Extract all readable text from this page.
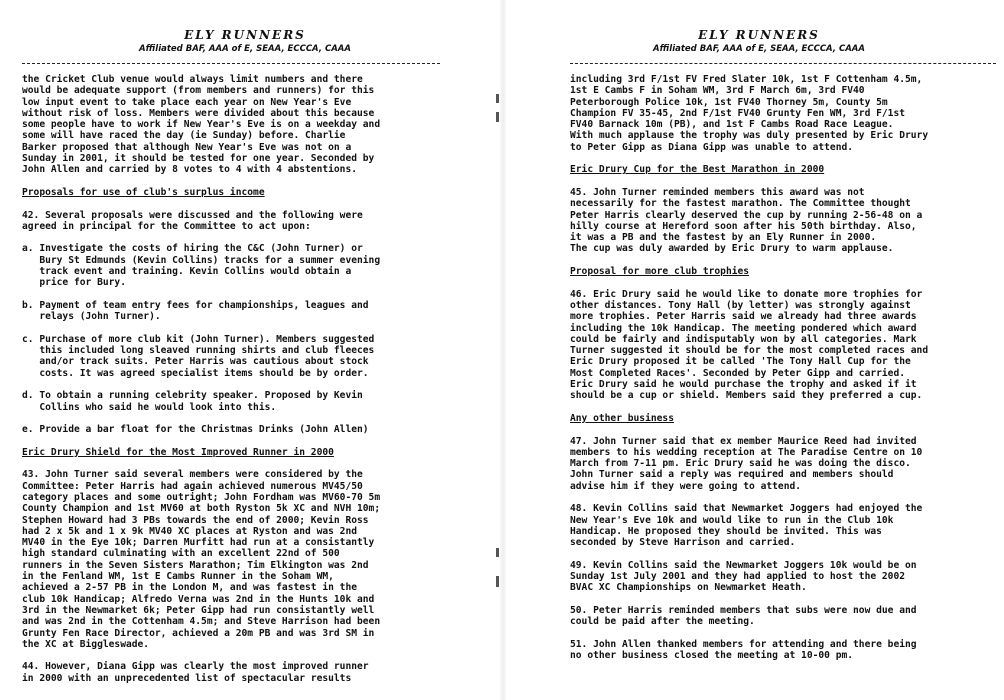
ELY RUNNERS
Affiliated BAF, AAA of E, SEAA, ECCCA, CAAA
the Cricket Club venue would always limit numbers and there
would be adequate support (from members and runners) for this
low input event to take place each year on New Year's Eve
without risk of loss. Members were divided about this because
some people have to work if New Year's Eve is on a weekday and
some will have raced the day (ie Sunday) before. Charlie
Barker proposed that although New Year's Eve was not on a
Sunday in 2001, it should be tested for one year. Seconded by
John Allen and carried by 8 votes to 4 with 4 abstentions.
Proposals for use of club's surplus income
42. Several proposals were discussed and the following were
agreed in principal for the Committee to act upon:
a. Investigate the costs of hiring the C&C (John Turner) or
Bury St Edmunds (Kevin Collins) tracks for a summer evening
track event and training. Kevin Collins would obtain a
price for Bury.
b. Payment of team entry fees for championships, leagues and
relays (John Turner).
c. Purchase of more club kit (John Turner). Members suggested
this included long sleaved running shirts and club fleeces
and/or track suits. Peter Harris was cautious about stock
costs. It was agreed specialist items should be by order.
d. To obtain a running celebrity speaker. Proposed by Kevin
Collins who said he would look into this.
e. Provide a bar float for the Christmas Drinks (John Allen)
Eric Drury Shield for the Most Improved Runner in 2000
43. John Turner said several members were considered by the
Committee: Peter Harris had again achieved numerous MV45/50
category places and some outright; John Fordham was MV60-70 5m
County Champion and 1st MV60 at both Ryston 5k XC and NVH 10m;
Stephen Howard had 3 PBs towards the end of 2000; Kevin Ross
had 2 x 5k and 1 x 9k MV40 XC places at Ryston and was 2nd
MV40 in the Eye 10k; Darren Murfitt had run at a consistantly
high standard culminating with an excellent 22nd of 500
runners in the Seven Sisters Marathon; Tim Elkington was 2nd
in the Fenland WM, 1st E Cambs Runner in the Soham WM,
achieved a 2-57 PB in the London M, and was fastest in the
club 10k Handicap; Alfredo Verna was 2nd in the Hunts 10k and
3rd in the Newmarket 6k; Peter Gipp had run consistantly well
and was 2nd in the Cottenham 4.5m; and Steve Harrison had been
Grunty Fen Race Director, achieved a 20m PB and was 3rd SM in
the XC at Biggleswade.
44. However, Diana Gipp was clearly the most improved runner
in 2000 with an unprecedented list of spectacular results
ELY RUNNERS
Affiliated BAF, AAA of E, SEAA, ECCCA, CAAA
including 3rd F/1st FV Fred Slater 10k, 1st F Cottenham 4.5m,
1st E Cambs F in Soham WM, 3rd F March 6m, 3rd FV40
Peterborough Police 10k, 1st FV40 Thorney 5m, County 5m
Champion FV 35-45, 2nd F/1st FV40 Grunty Fen WM, 3rd F/1st
FV40 Barnack 10m (PB), and 1st F Cambs Road Race League.
With much applause the trophy was duly presented by Eric Drury
to Peter Gipp as Diana Gipp was unable to attend.
Eric Drury Cup for the Best Marathon in 2000
45. John Turner reminded members this award was not
necessarily for the fastest marathon. The Committee thought
Peter Harris clearly deserved the cup by running 2-56-48 on a
hilly course at Hereford soon after his 50th birthday. Also,
it was a PB and the fastest by an Ely Runner in 2000.
The cup was duly awarded by Eric Drury to warm applause.
Proposal for more club trophies
46. Eric Drury said he would like to donate more trophies for
other distances. Tony Hall (by letter) was strongly against
more trophies. Peter Harris said we already had three awards
including the 10k Handicap. The meeting pondered which award
could be fairly and indisputably won by all categories. Mark
Turner suggested it should be for the most completed races and
Eric Drury proposed it be called 'The Tony Hall Cup for the
Most Completed Races'. Seconded by Peter Gipp and carried.
Eric Drury said he would purchase the trophy and asked if it
should be a cup or shield. Members said they preferred a cup.
Any other business
47. John Turner said that ex member Maurice Reed had invited
members to his wedding reception at The Paradise Centre on 10
March from 7-11 pm. Eric Drury said he was doing the disco.
John Turner said a reply was required and members should
advise him if they were going to attend.
48. Kevin Collins said that Newmarket Joggers had enjoyed the
New Year's Eve 10k and would like to run in the Club 10k
Handicap. He proposed they should be invited. This was
seconded by Steve Harrison and carried.
49. Kevin Collins said the Newmarket Joggers 10k would be on
Sunday 1st July 2001 and they had applied to host the 2002
BVAC XC Championships on Newmarket Heath.
50. Peter Harris reminded members that subs were now due and
could be paid after the meeting.
51. John Allen thanked members for attending and there being
no other business closed the meeting at 10-00 pm.
